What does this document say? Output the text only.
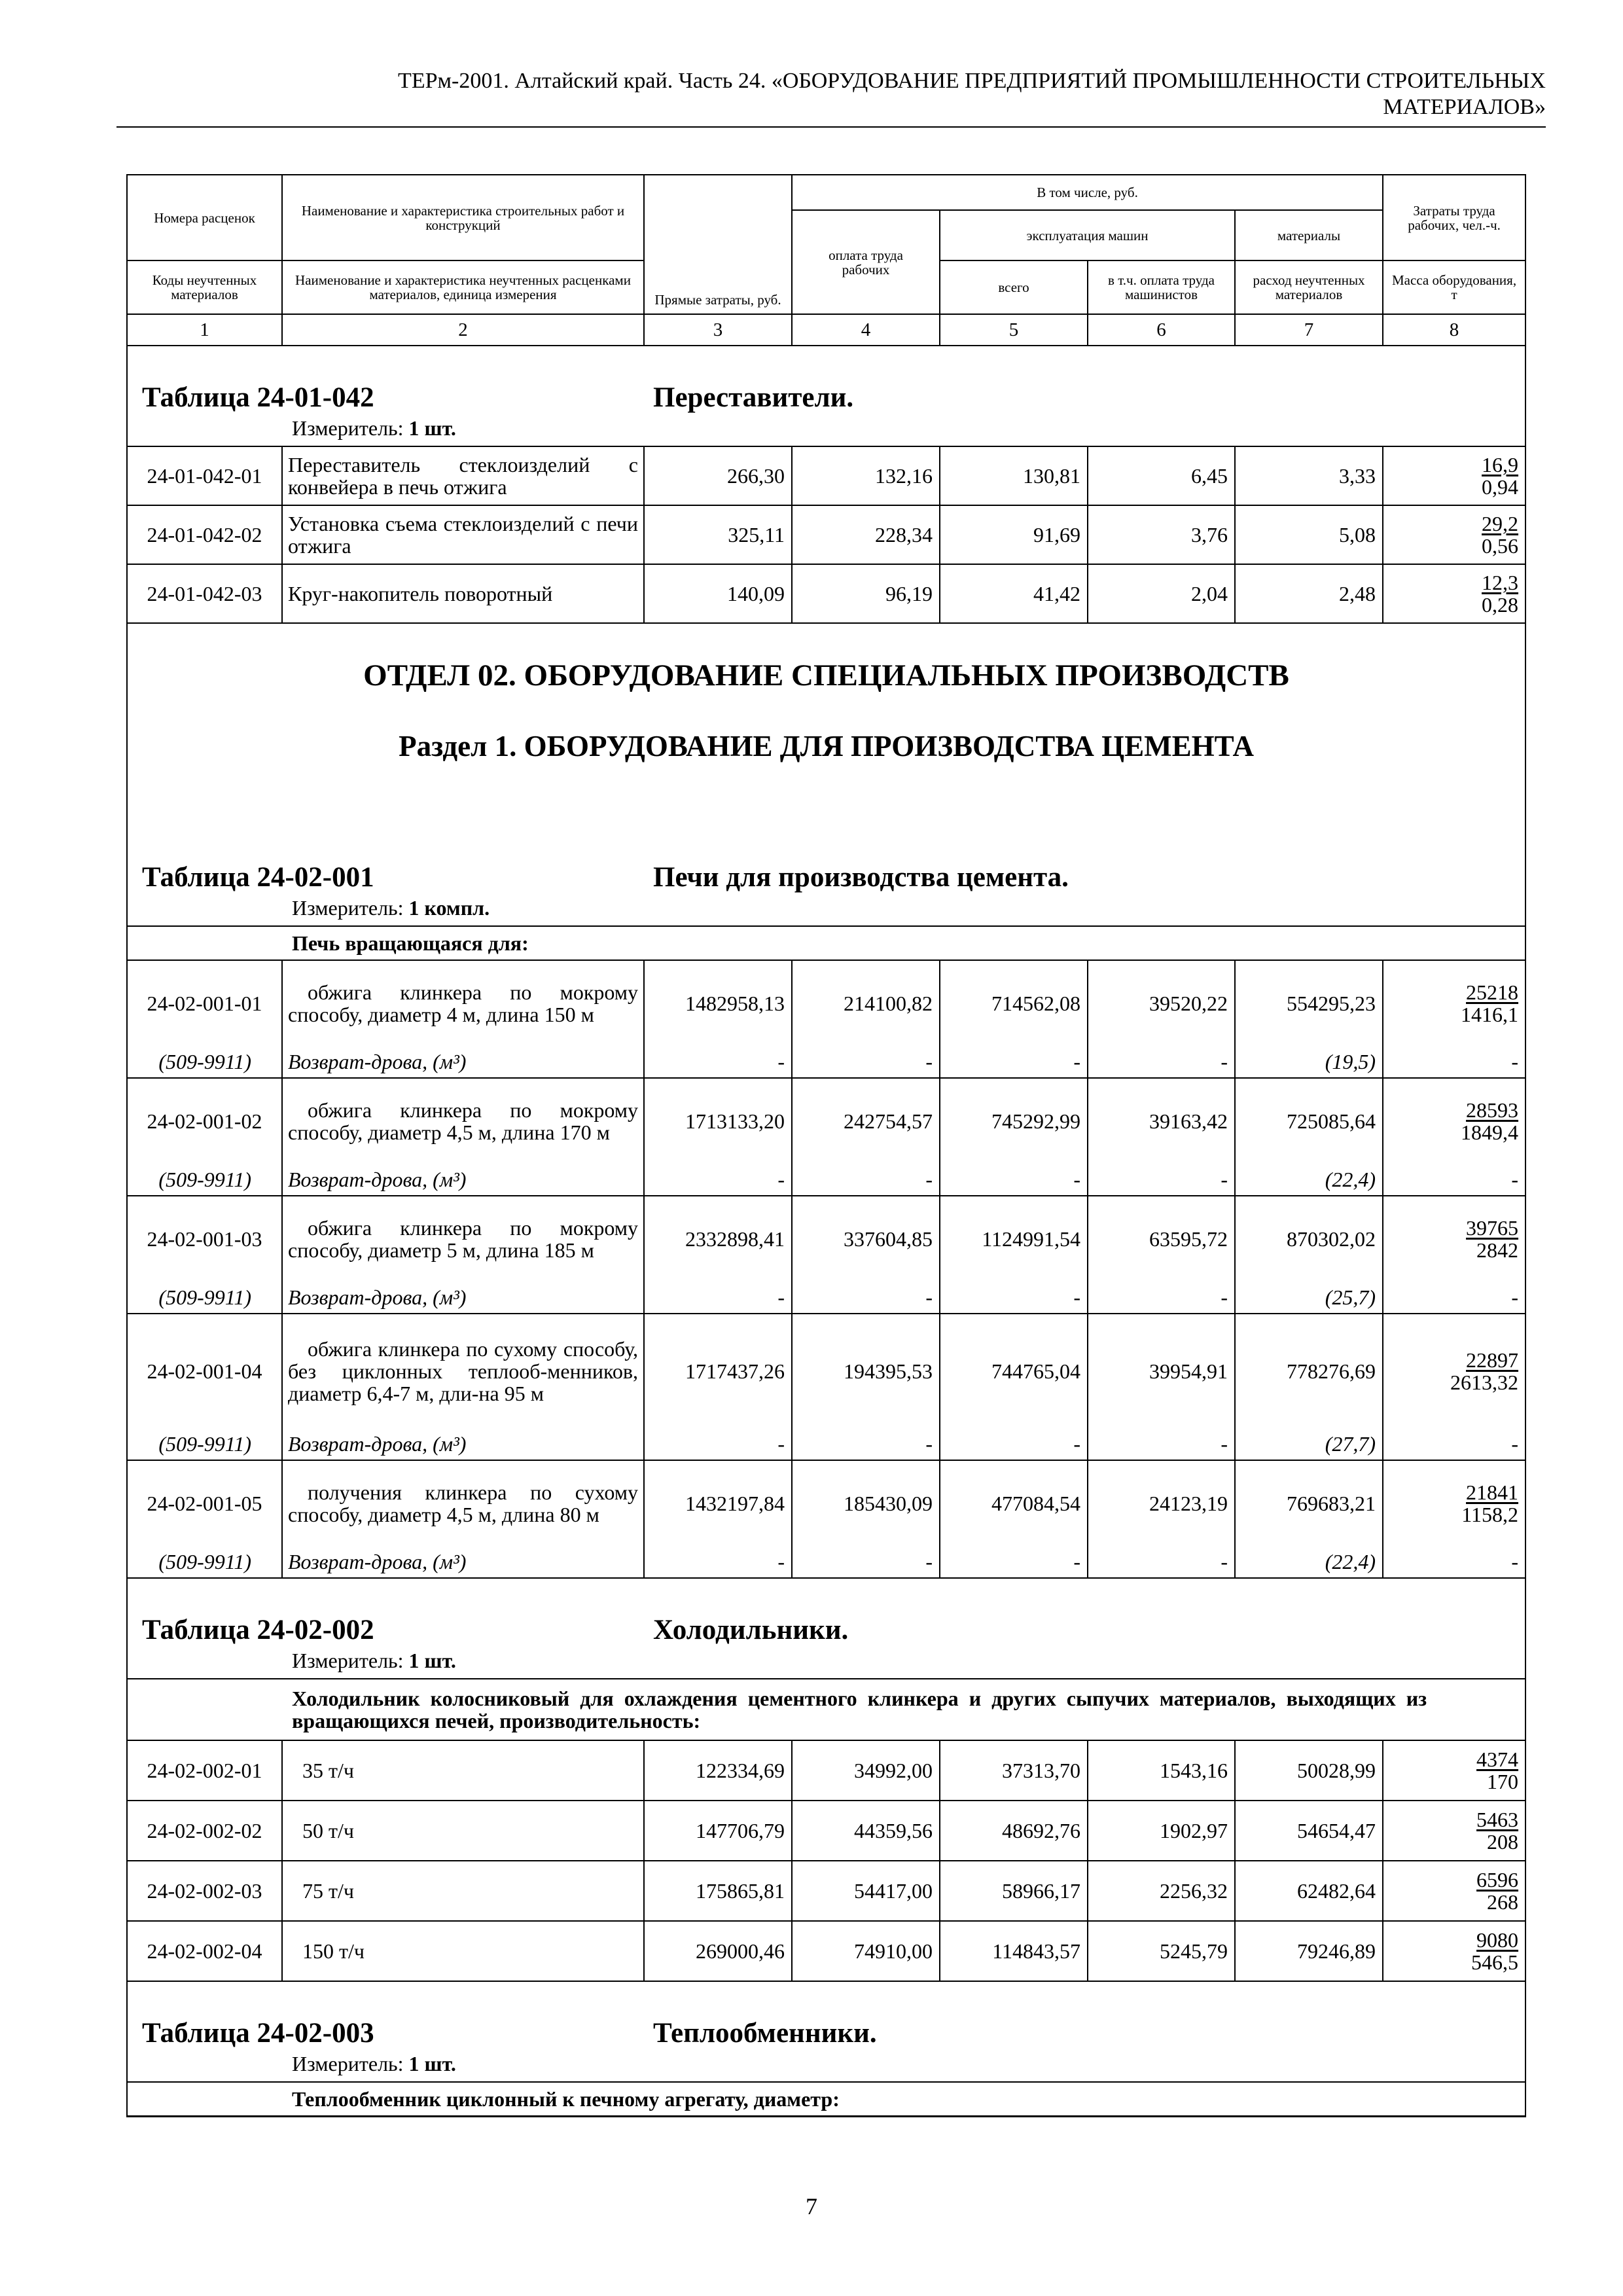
ТЕРм-2001. Алтайский край. Часть 24. «ОБОРУДОВАНИЕ ПРЕДПРИЯТИЙ ПРОМЫШЛЕННОСТИ СТРОИТЕЛЬНЫХ
МАТЕРИАЛОВ»
Номера расценок	Наименование и характеристика строительных работ и конструкций	Прямые затраты, руб.	В том числе, руб.				Затраты труда рабочих, чел.-ч.
			оплата труда рабочих	эксплуатация машин		материалы	
Коды неучтенных материалов	Наименование и характеристика неучтенных расценками материалов, единица измерения			всего	в т.ч. оплата труда машинистов	расход неучтенных материалов	Масса оборудования, т
1	2	3	4	5	6	7	8

Таблица 24-01-042 Переставители.
Измеритель: 1 шт.							

24-01-042-01	Переставитель стеклоизделий с конвейера в печь отжига	266,30	132,16	130,81	6,45	3,33	$\frac{16,9}{0,94}$

24-01-042-02	Установка съема стеклоизделий с печи отжига	325,11	228,34	91,69	3,76	5,08	$\frac{29,2}{0,56}$

24-01-042-03	Круг-накопитель поворотный	140,09	96,19	41,42	2,04	2,48	$\frac{12,3}{0,28}$

ОТДЕЛ 02. ОБОРУДОВАНИЕ СПЕЦИАЛЬНЫХ ПРОИЗВОДСТВ							
Раздел 1. ОБОРУДОВАНИЕ ДЛЯ ПРОИЗВОДСТВА ЦЕМЕНТА							

Таблица 24-02-001 Печи для производства цемента.
Измеритель: 1 компл.							

Печь вращающаяся для:							
24-02-001-01	обжига клинкера по мокрому способу, диаметр 4 м, длина 150 м	1482958,13	214100,82	714562,08	39520,22	554295,23	$\frac{25218}{1416,1}$

(509-9911)	Возврат-дрова, (м³)	-	-	-	-	(19,5)	-
24-02-001-02	обжига клинкера по мокрому способу, диаметр 4,5 м, длина 170 м	1713133,20	242754,57	745292,99	39163,42	725085,64	$\frac{28593}{1849,4}$

(509-9911)	Возврат-дрова, (м³)	-	-	-	-	(22,4)	-
24-02-001-03	обжига клинкера по мокрому способу, диаметр 5 м, длина 185 м	2332898,41	337604,85	1124991,54	63595,72	870302,02	$\frac{39765}{2842}$

(509-9911)	Возврат-дрова, (м³)	-	-	-	-	(25,7)	-
24-02-001-04	обжига клинкера по сухому способу, без циклонных теплооб-менников, диаметр 6,4-7 м, дли-на 95 м	1717437,26	194395,53	744765,04	39954,91	778276,69	$\frac{22897}{2613,32}$

(509-9911)	Возврат-дрова, (м³)	-	-	-	-	(27,7)	-
24-02-001-05	получения клинкера по сухому способу, диаметр 4,5 м, длина 80 м	1432197,84	185430,09	477084,54	24123,19	769683,21	$\frac{21841}{1158,2}$

(509-9911)	Возврат-дрова, (м³)	-	-	-	-	(22,4)	-

Таблица 24-02-002 Холодильники.
Измеритель: 1 шт.							

Холодильник колосниковый для охлаждения цементного клинкера и других сыпучих материалов, выходящих из вращающихся печей, производительность:							
24-02-002-01	35 т/ч	122334,69	34992,00	37313,70	1543,16	50028,99	$\frac{4374}{170}$

24-02-002-02	50 т/ч	147706,79	44359,56	48692,76	1902,97	54654,47	$\frac{5463}{208}$

24-02-002-03	75 т/ч	175865,81	54417,00	58966,17	2256,32	62482,64	$\frac{6596}{268}$

24-02-002-04	150 т/ч	269000,46	74910,00	114843,57	5245,79	79246,89	$\frac{9080}{546,5}$

Таблица 24-02-003 Теплообменники.
Измеритель: 1 шт.							

Теплообменник циклонный к печному агрегату, диаметр:							
7
